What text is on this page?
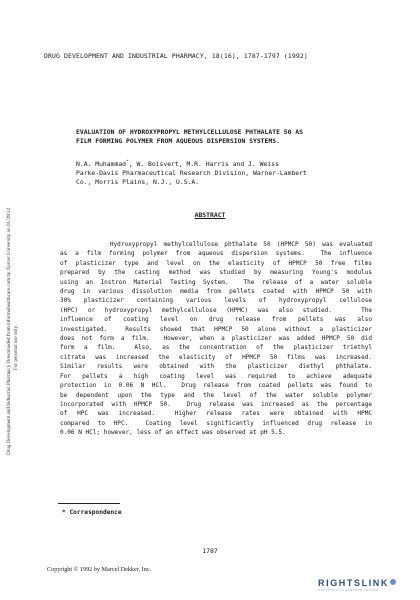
DRUG DEVELOPMENT AND INDUSTRIAL PHARMACY, 18(16), 1787-1797 (1992)
Drug Development and Industrial Pharmacy Downloaded from informahealthcare.com by Xavier University on 01/28/12 For personal use only.
EVALUATION OF HYDROXYPROPYL METHYLCELLULOSE PHTHALATE 50 AS
FILM FORMING POLYMER FROM AQUEOUS DISPERSION SYSTEMS.
N.A. Muhammad*, W. Boisvert, M.R. Harris and J. Weiss
Parke-Davis Pharmaceutical Research Division, Warner-Lambert
Co., Morris Plains, N.J., U.S.A.
ABSTRACT
Hydroxypropyl methylcellulose phthalate 50 (HPMCP 50) was evaluated
as a film forming polymer from aqueous dispersion systems.  The influence
of plasticizer type and level on the elasticity of HPMCP 50 free films
prepared by the casting method was studied by measuring Young's modulus
using an Instron Material Testing System.  The release of a water soluble
drug in various dissolution media from pellets coated with HPMCP 50 with
30% plasticizer containing various levels of hydroxypropyl cellulose
(HPC) or hydroxypropyl methylcellulose (HPMC) was also studied.   The
influence of coating level on drug release from pellets was also
investigated.  Results showed that HPMCP 50 alone without a plasticizer
does not form a film.  However, when a plasticizer was added HPMCP 50 did
form a film.  Also, as the concentration of the plasticizer triethyl
citrate was increased the elasticity of HPMCP 50 films was increased.
Similar results were obtained with the plasticizer diethyl phthalate.
For pellets a high coating level was required to achieve adequate
protection in 0.06 N HCl.  Drug release from coated pellets was found to
be dependent upon the type and the level of the water soluble polymer
incorporated with HPMCP 50.  Drug release was increased as the percentage
of HPC was increased.  Higher release rates were obtained with HPMC
compared to HPC.  Coating level significantly influenced drug release in
0.06 N HCl; however, less of an effect was observed at pH 5.5.
* Correspondence
1787
Copyright © 1992 by Marcel Dekker, Inc.
RIGHTSLINK
COPYRIGHT CLEARANCE CENTER
